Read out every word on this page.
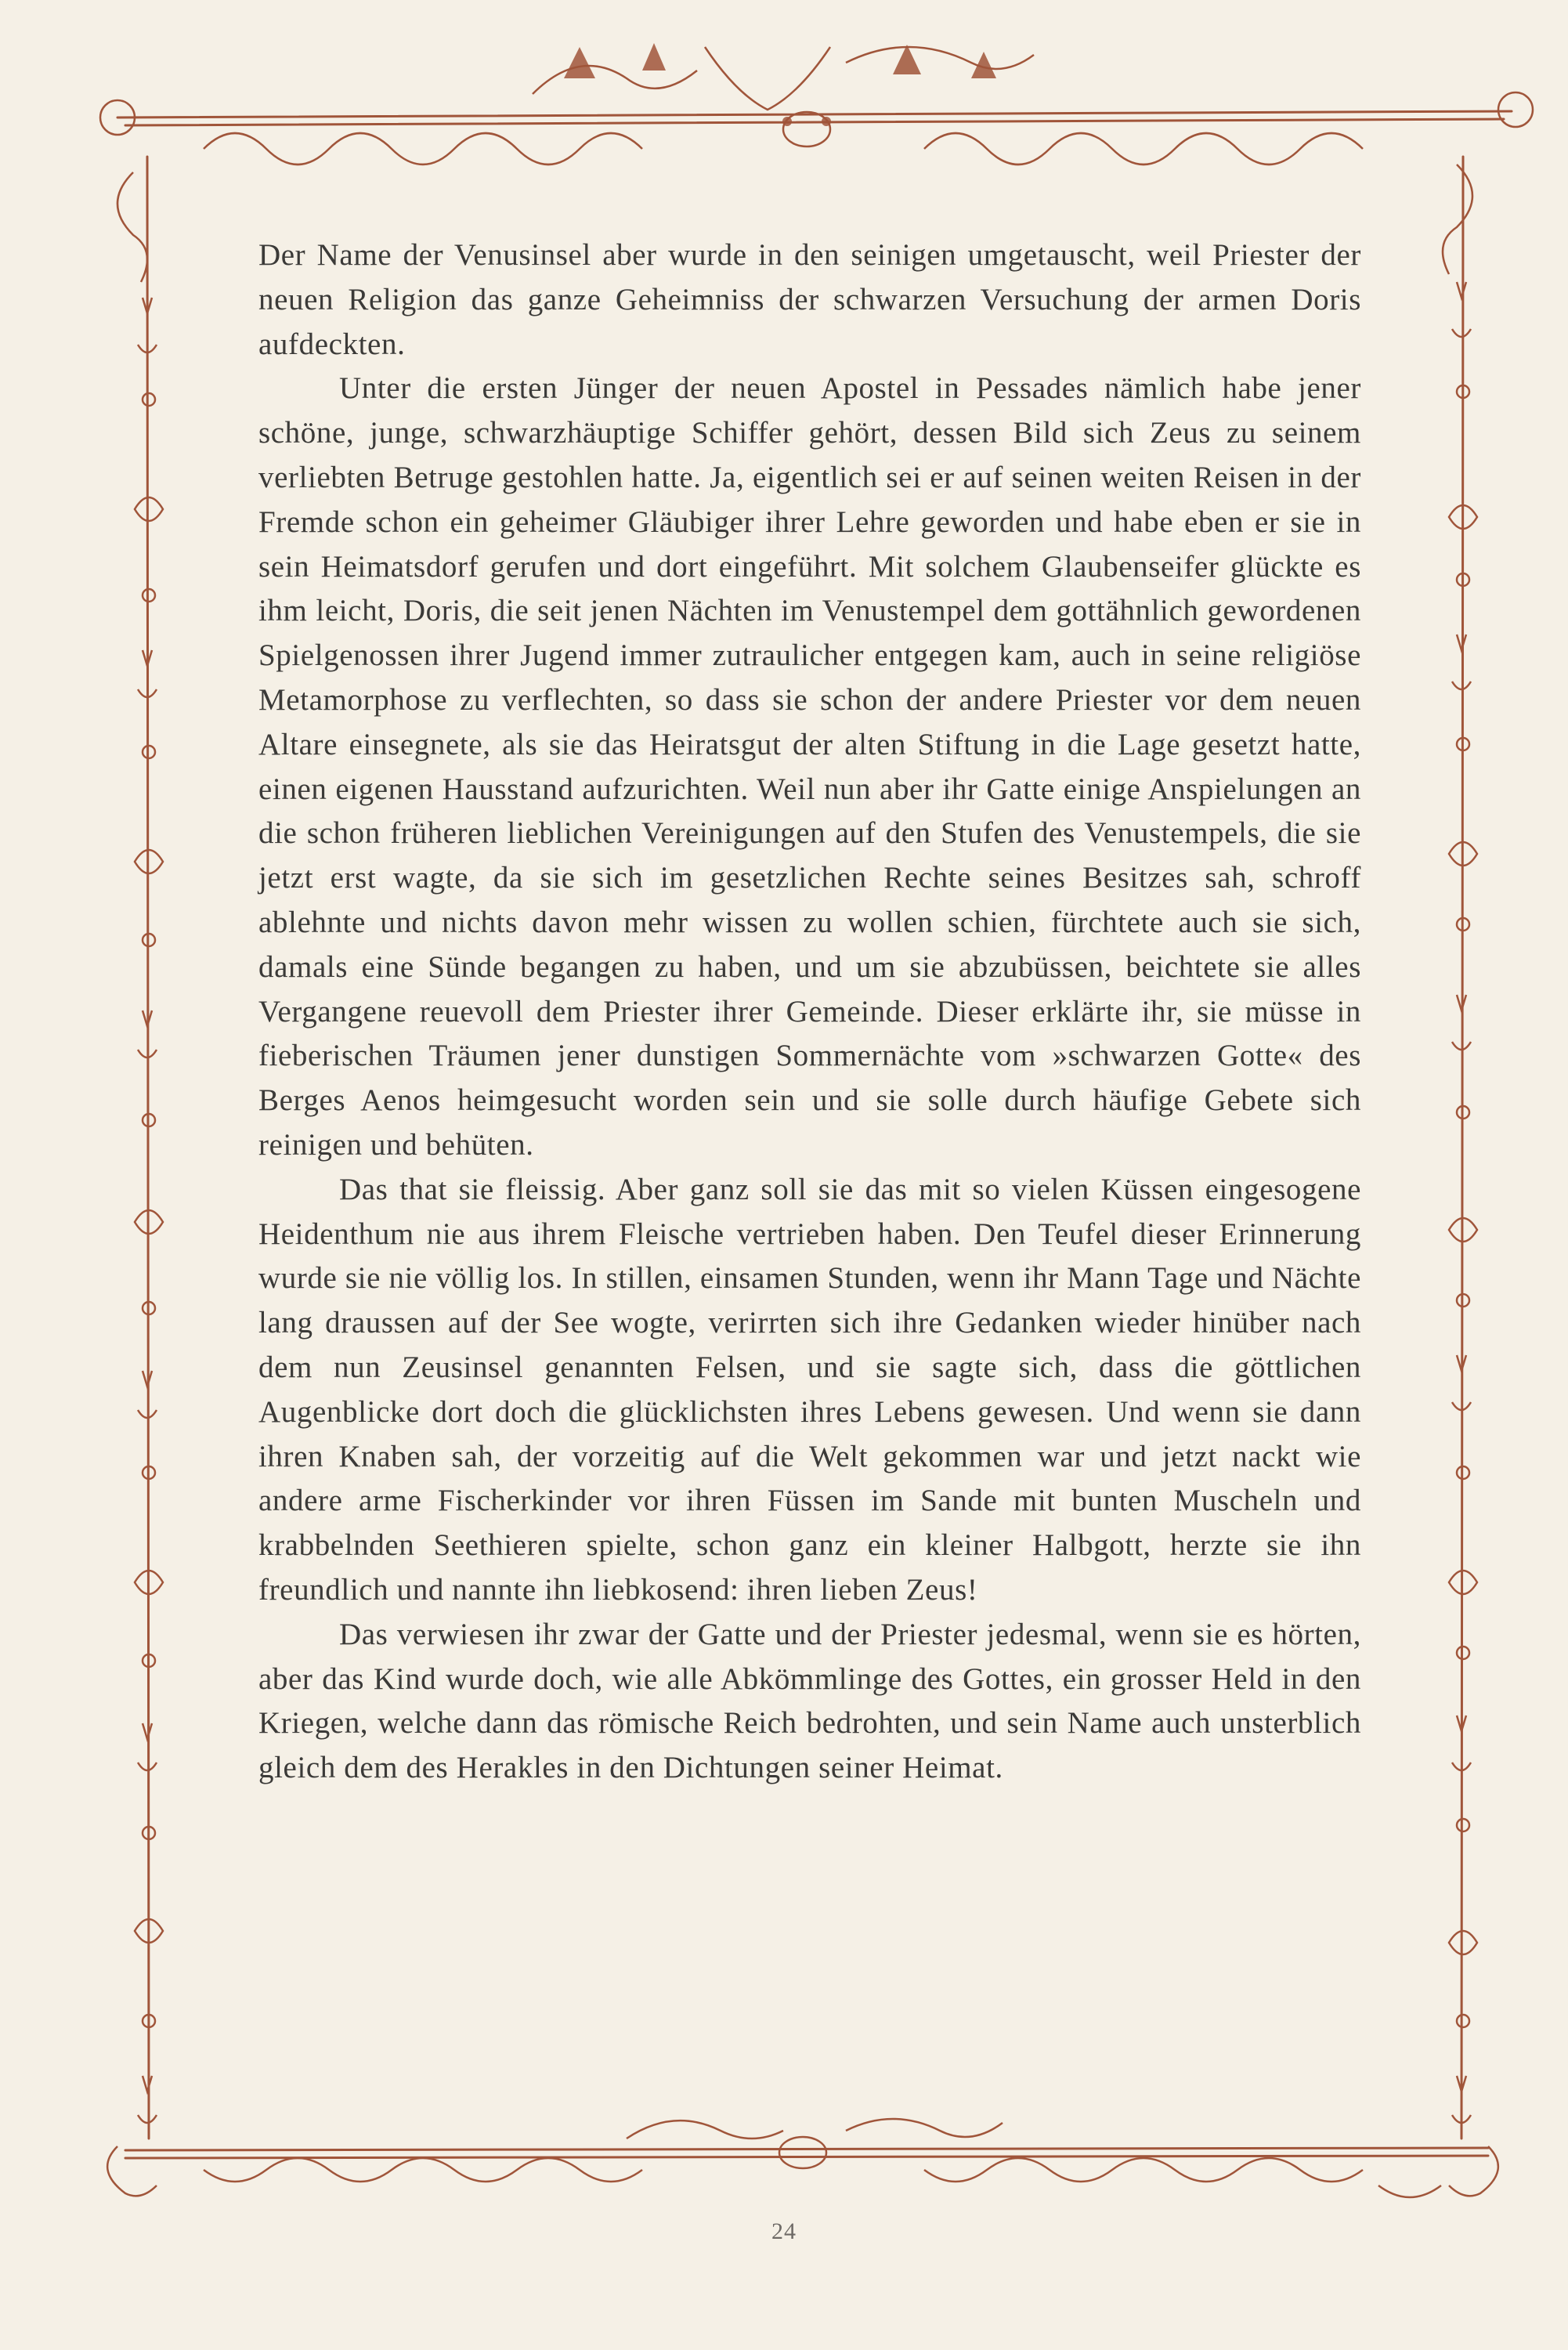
Der Name der Venusinsel aber wurde in den seinigen umgetauscht, weil Priester der neuen Religion das ganze Geheimniss der schwarzen Versuchung der armen Doris aufdeckten.

Unter die ersten Jünger der neuen Apostel in Pessades nämlich habe jener schöne, junge, schwarzhäuptige Schiffer gehört, dessen Bild sich Zeus zu seinem verliebten Betruge gestohlen hatte. Ja, eigentlich sei er auf seinen weiten Reisen in der Fremde schon ein geheimer Gläubiger ihrer Lehre geworden und habe eben er sie in sein Heimatsdorf gerufen und dort eingeführt. Mit solchem Glaubenseifer glückte es ihm leicht, Doris, die seit jenen Nächten im Venustempel dem gottähnlich gewordenen Spielgenossen ihrer Jugend immer zutraulicher entgegen kam, auch in seine religiöse Metamorphose zu verflechten, so dass sie schon der andere Priester vor dem neuen Altare einsegnete, als sie das Heiratsgut der alten Stiftung in die Lage gesetzt hatte, einen eigenen Hausstand aufzurichten. Weil nun aber ihr Gatte einige Anspielungen an die schon früheren lieblichen Vereinigungen auf den Stufen des Venustempels, die sie jetzt erst wagte, da sie sich im gesetzlichen Rechte seines Besitzes sah, schroff ablehnte und nichts davon mehr wissen zu wollen schien, fürchtete auch sie sich, damals eine Sünde begangen zu haben, und um sie abzubüssen, beichtete sie alles Vergangene reuevoll dem Priester ihrer Gemeinde. Dieser erklärte ihr, sie müsse in fieberischen Träumen jener dunstigen Sommernächte vom »schwarzen Gotte« des Berges Aenos heimgesucht worden sein und sie solle durch häufige Gebete sich reinigen und behüten.

Das that sie fleissig. Aber ganz soll sie das mit so vielen Küssen eingesogene Heidenthum nie aus ihrem Fleische vertrieben haben. Den Teufel dieser Erinnerung wurde sie nie völlig los. In stillen, einsamen Stunden, wenn ihr Mann Tage und Nächte lang draussen auf der See wogte, verirrten sich ihre Gedanken wieder hinüber nach dem nun Zeusinsel genannten Felsen, und sie sagte sich, dass die göttlichen Augenblicke dort doch die glücklichsten ihres Lebens gewesen. Und wenn sie dann ihren Knaben sah, der vorzeitig auf die Welt gekommen war und jetzt nackt wie andere arme Fischerkinder vor ihren Füssen im Sande mit bunten Muscheln und krabbelnden Seethieren spielte, schon ganz ein kleiner Halbgott, herzte sie ihn freundlich und nannte ihn liebkosend: ihren lieben Zeus!

Das verwiesen ihr zwar der Gatte und der Priester jedesmal, wenn sie es hörten, aber das Kind wurde doch, wie alle Abkömmlinge des Gottes, ein grosser Held in den Kriegen, welche dann das römische Reich bedrohten, und sein Name auch unsterblich gleich dem des Herakles in den Dichtungen seiner Heimat.

24
